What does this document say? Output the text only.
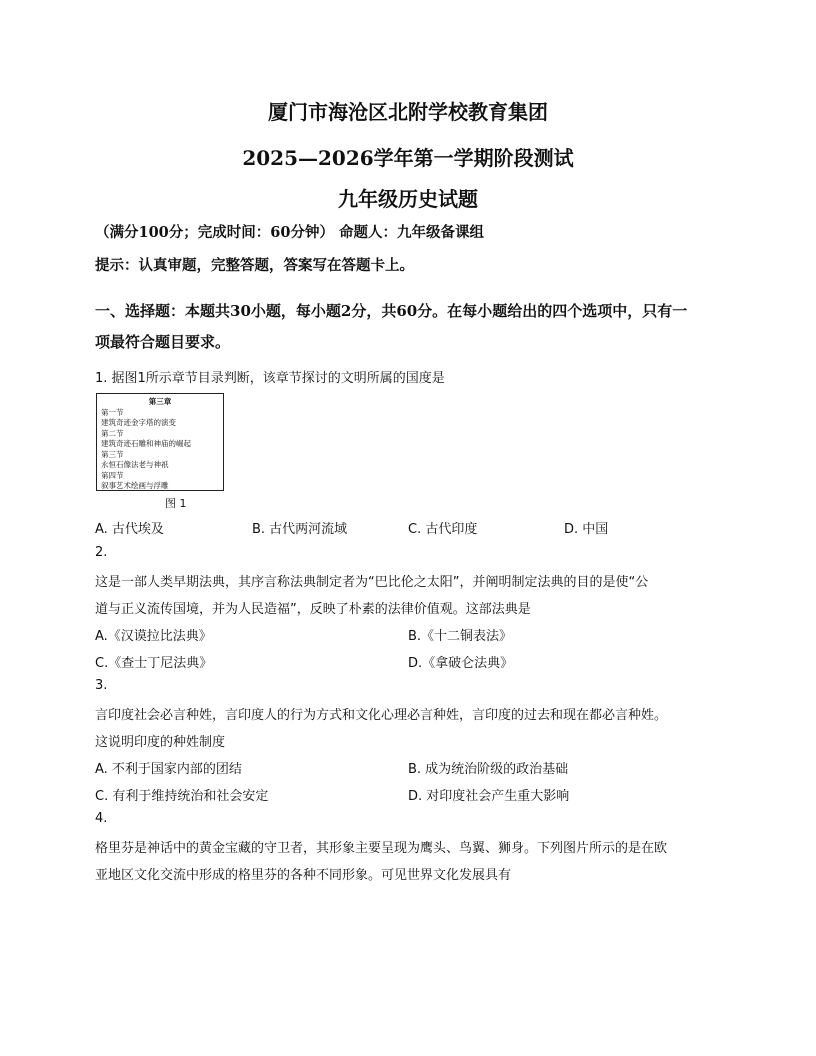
厦门市海沧区北附学校教育集团
2025—2026学年第一学期阶段测试
九年级历史试题
（满分100分；完成时间：60分钟） 命题人：九年级备课组
提示：认真审题，完整答题，答案写在答题卡上。
一、选择题：本题共30小题，每小题2分，共60分。在每小题给出的四个选项中，只有一
项最符合题目要求。
1. 据图1所示章节目录判断，该章节探讨的文明所属的国度是
第三章
第一节
建筑奇迹金字塔的演变
第二节
建筑奇迹石雕和神庙的崛起
第三节
永恒石像法老与神祇
第四节
叙事艺术绘画与浮雕
图 1
A. 古代埃及	B. 古代两河流域	C. 古代印度	D. 中国
2.
这是一部人类早期法典，其序言称法典制定者为“巴比伦之太阳”，并阐明制定法典的目的是使“公
道与正义流传国境，并为人民造福”，反映了朴素的法律价值观。这部法典是
A.《汉谟拉比法典》	B.《十二铜表法》
C.《查士丁尼法典》	D.《拿破仑法典》
3.
言印度社会必言种姓，言印度人的行为方式和文化心理必言种姓，言印度的过去和现在都必言种姓。
这说明印度的种姓制度
A. 不利于国家内部的团结	B. 成为统治阶级的政治基础
C. 有利于维持统治和社会安定	D. 对印度社会产生重大影响
4.
格里芬是神话中的黄金宝藏的守卫者，其形象主要呈现为鹰头、鸟翼、狮身。下列图片所示的是在欧
亚地区文化交流中形成的格里芬的各种不同形象。可见世界文化发展具有
